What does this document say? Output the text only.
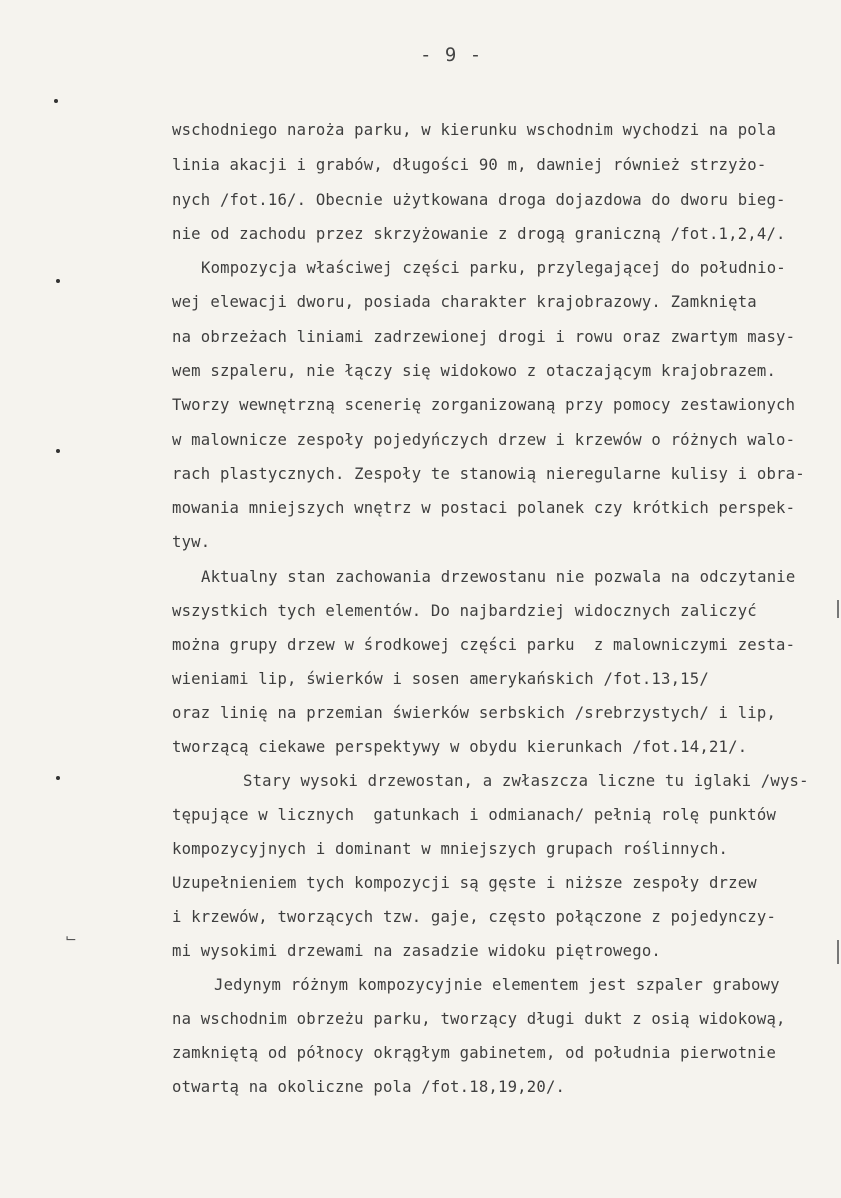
- 9 -
¬
wschodniego naroża parku, w kierunku wschodnim wychodzi na pola
linia akacji i grabów, długości 90 m, dawniej również strzyżo-
nych /fot.16/. Obecnie użytkowana droga dojazdowa do dworu bieg-
nie od zachodu przez skrzyżowanie z drogą graniczną /fot.1,2,4/.
Kompozycja właściwej części parku, przylegającej do południo-
wej elewacji dworu, posiada charakter krajobrazowy. Zamknięta
na obrzeżach liniami zadrzewionej drogi i rowu oraz zwartym masy-
wem szpaleru, nie łączy się widokowo z otaczającym krajobrazem.
Tworzy wewnętrzną scenerię zorganizowaną przy pomocy zestawionych
w malownicze zespoły pojedyńczych drzew i krzewów o różnych walo-
rach plastycznych. Zespoły te stanowią nieregularne kulisy i obra-
mowania mniejszych wnętrz w postaci polanek czy krótkich perspek-
tyw.
Aktualny stan zachowania drzewostanu nie pozwala na odczytanie
wszystkich tych elementów. Do najbardziej widocznych zaliczyć
można grupy drzew w środkowej części parku  z malowniczymi zesta-
wieniami lip, świerków i sosen amerykańskich /fot.13,15/
oraz linię na przemian świerków serbskich /srebrzystych/ i lip,
tworzącą ciekawe perspektywy w obydu kierunkach /fot.14,21/.
Stary wysoki drzewostan, a zwłaszcza liczne tu iglaki /wys-
tępujące w licznych  gatunkach i odmianach/ pełnią rolę punktów
kompozycyjnych i dominant w mniejszych grupach roślinnych.
Uzupełnieniem tych kompozycji są gęste i niższe zespoły drzew
i krzewów, tworzących tzw. gaje, często połączone z pojedynczy-
mi wysokimi drzewami na zasadzie widoku piętrowego.
Jedynym różnym kompozycyjnie elementem jest szpaler grabowy
na wschodnim obrzeżu parku, tworzący długi dukt z osią widokową,
zamkniętą od północy okrągłym gabinetem, od południa pierwotnie
otwartą na okoliczne pola /fot.18,19,20/.
